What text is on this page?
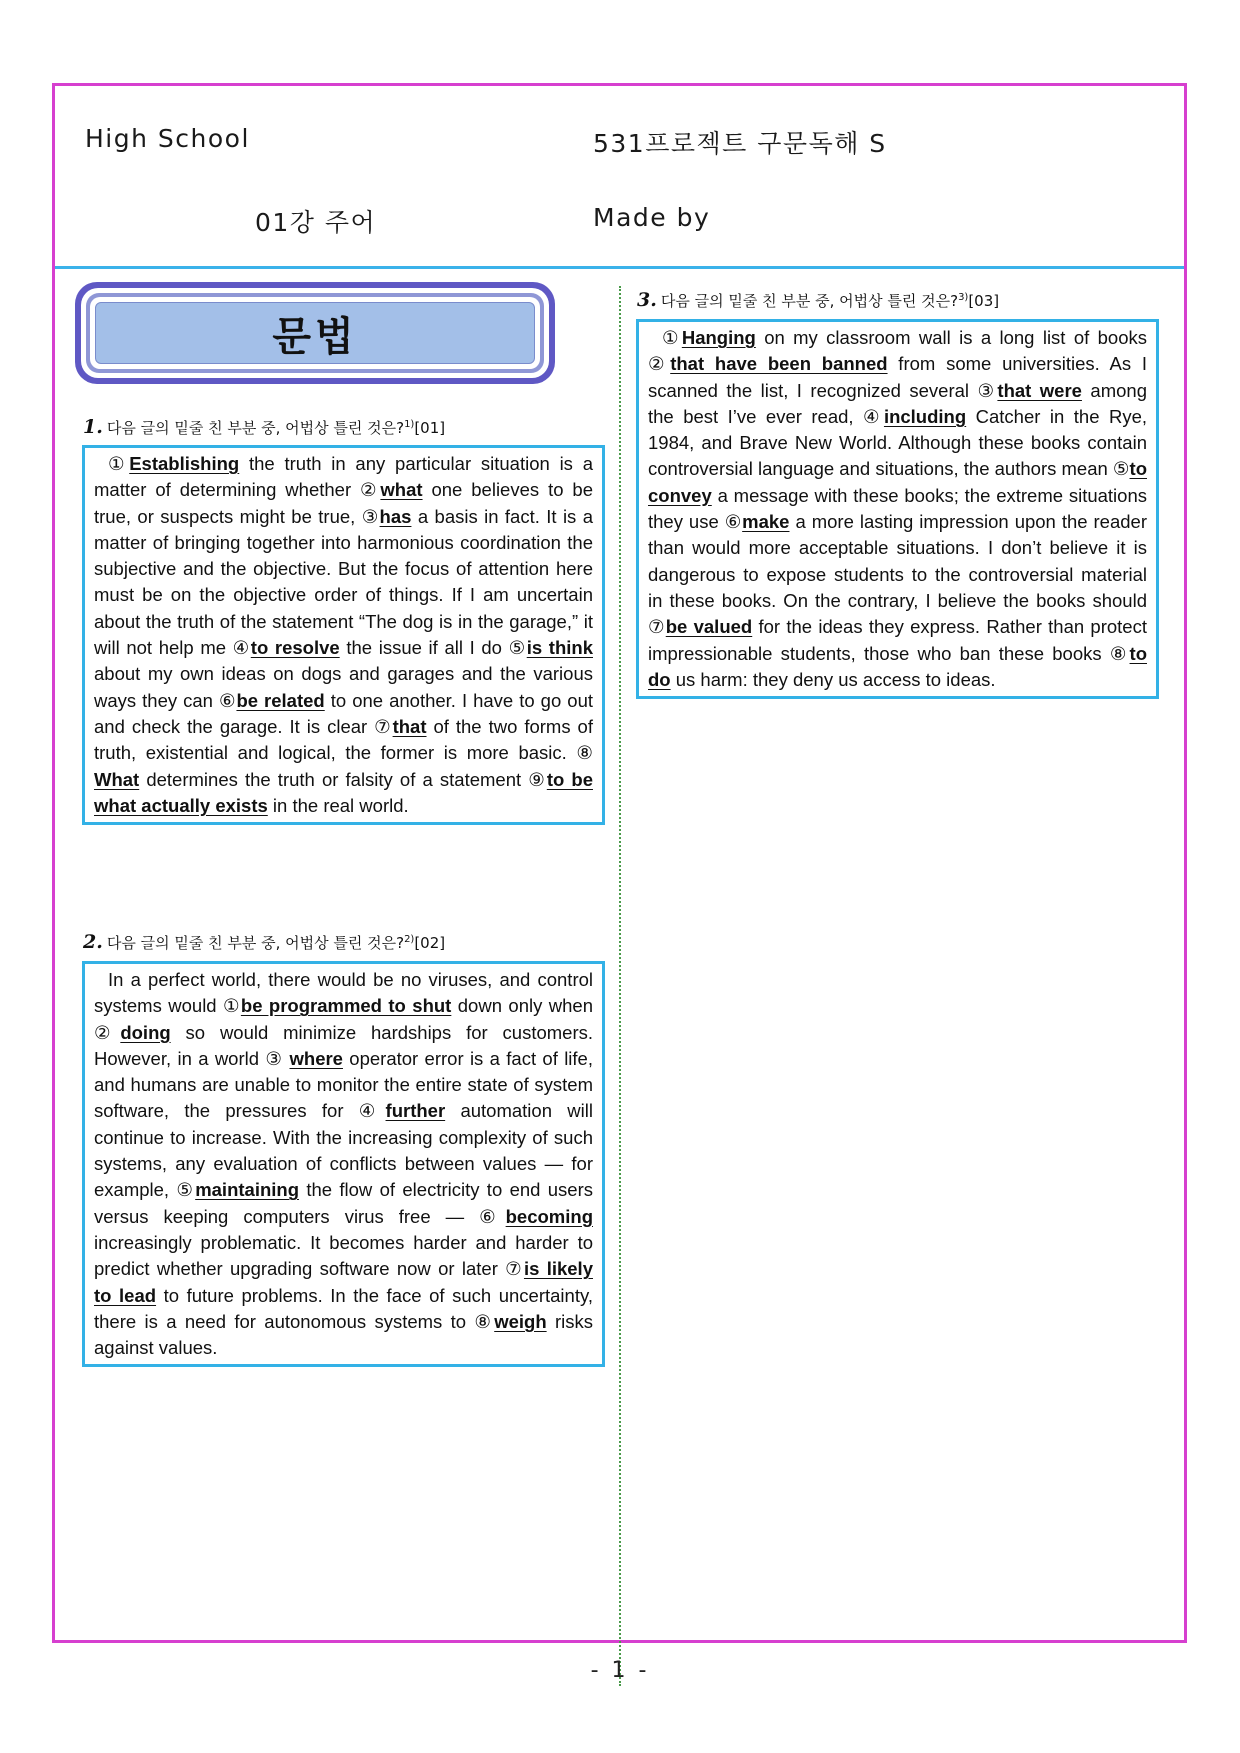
High School	531프로젝트 구문독해 S
01강 주어	Made by
문법
1. 다음 글의 밑줄 친 부분 중, 어법상 틀린 것은?$^{1)}$[01]

①Establishing the truth in any particular situation is a matter of determining whether ②what one believes to be true, or suspects might be true, ③has a basis in fact. It is a matter of bringing together into harmonious coordination the subjective and the objective. But the focus of attention here must be on the objective order of things. If I am uncertain about the truth of the statement “The dog is in the garage,” it will not help me ④to resolve the issue if all I do ⑤is think about my own ideas on dogs and garages and the various ways they can ⑥be related to one another. I have to go out and check the garage. It is clear ⑦that of the two forms of truth, existential and logical, the former is more basic. ⑧ What determines the truth or falsity of a statement ⑨to be what actually exists in the real world.

2. 다음 글의 밑줄 친 부분 중, 어법상 틀린 것은?$^{2)}$[02]

In a perfect world, there would be no viruses, and control systems would ①be programmed to shut down only when ②doing so would minimize hardships for customers. However, in a world ③ where operator error is a fact of life, and humans are unable to monitor the entire state of system software, the pressures for ④further automation will continue to increase. With the increasing complexity of such systems, any evaluation of conflicts between values — for example, ⑤maintaining the flow of electricity to end users versus keeping computers virus free — ⑥becoming increasingly problematic. It becomes harder and harder to predict whether upgrading software now or later ⑦is likely to lead to future problems. In the face of such uncertainty, there is a need for autonomous systems to ⑧weigh risks against values.

3. 다음 글의 밑줄 친 부분 중, 어법상 틀린 것은?$^{3)}$[03]

①Hanging on my classroom wall is a long list of books ②that have been banned from some universities. As I scanned the list, I recognized several ③that were among the best I’ve ever read, ④including Catcher in the Rye, 1984, and Brave New World. Although these books contain controversial language and situations, the authors mean ⑤to convey a message with these books; the extreme situations they use ⑥make a more lasting impression upon the reader than would more acceptable situations. I don’t believe it is dangerous to expose students to the controversial material in these books. On the contrary, I believe the books should ⑦be valued for the ideas they express. Rather than protect impressionable students, those who ban these books ⑧to do us harm: they deny us access to ideas.

- 1 -
